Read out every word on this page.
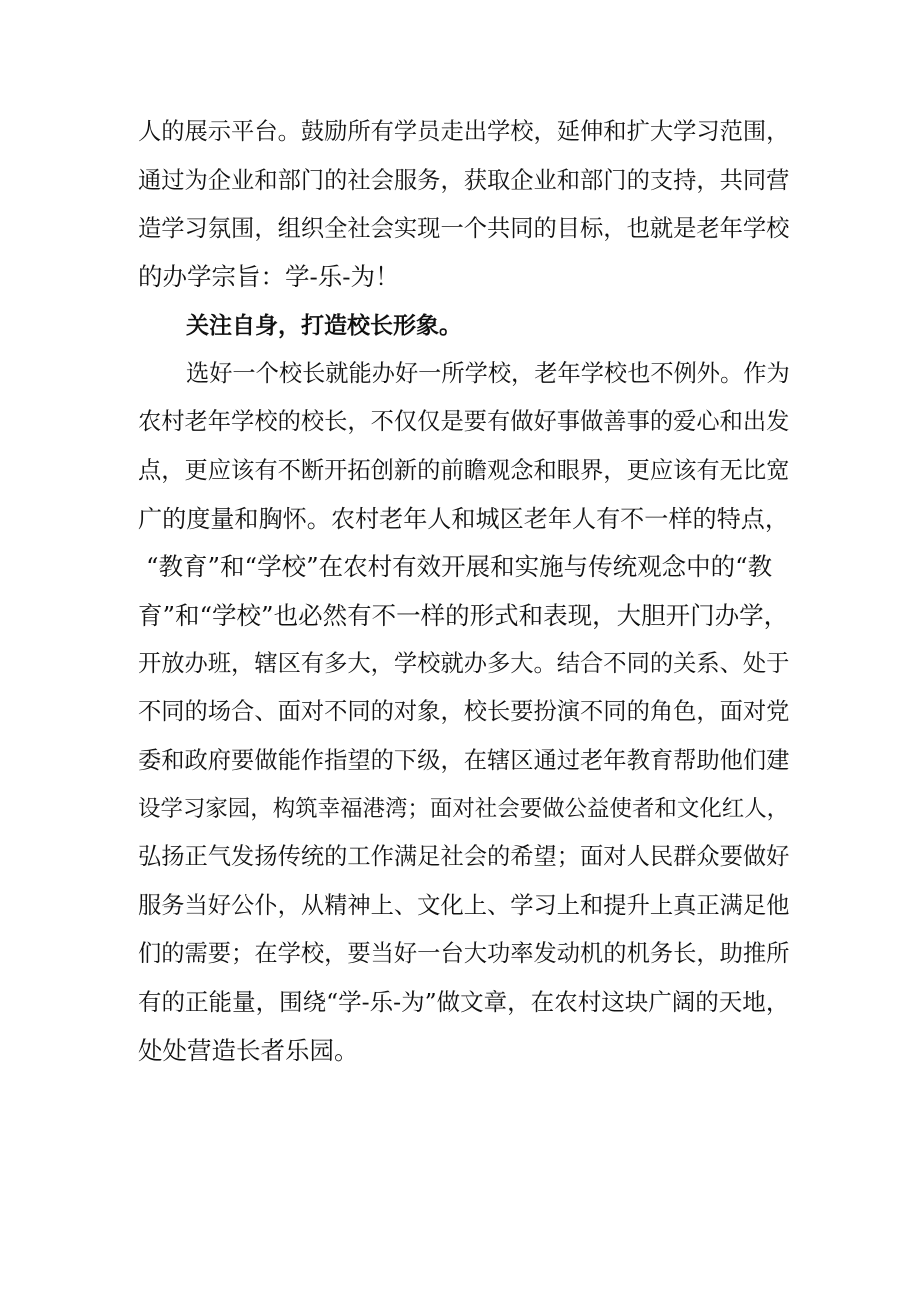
人的展示平台。鼓励所有学员走出学校，延伸和扩大学习范围，
通过为企业和部门的社会服务，获取企业和部门的支持，共同营
造学习氛围，组织全社会实现一个共同的目标，也就是老年学校
的办学宗旨：学-乐-为！
关注自身，打造校长形象。
选好一个校长就能办好一所学校，老年学校也不例外。作为
农村老年学校的校长，不仅仅是要有做好事做善事的爱心和出发
点，更应该有不断开拓创新的前瞻观念和眼界，更应该有无比宽
广的度量和胸怀。农村老年人和城区老年人有不一样的特点，
“教育”和“学校”在农村有效开展和实施与传统观念中的“教
育”和“学校”也必然有不一样的形式和表现，大胆开门办学，
开放办班，辖区有多大，学校就办多大。结合不同的关系、处于
不同的场合、面对不同的对象，校长要扮演不同的角色，面对党
委和政府要做能作指望的下级，在辖区通过老年教育帮助他们建
设学习家园，构筑幸福港湾；面对社会要做公益使者和文化红人，
弘扬正气发扬传统的工作满足社会的希望；面对人民群众要做好
服务当好公仆，从精神上、文化上、学习上和提升上真正满足他
们的需要；在学校，要当好一台大功率发动机的机务长，助推所
有的正能量，围绕“学-乐-为”做文章，在农村这块广阔的天地，
处处营造长者乐园。
